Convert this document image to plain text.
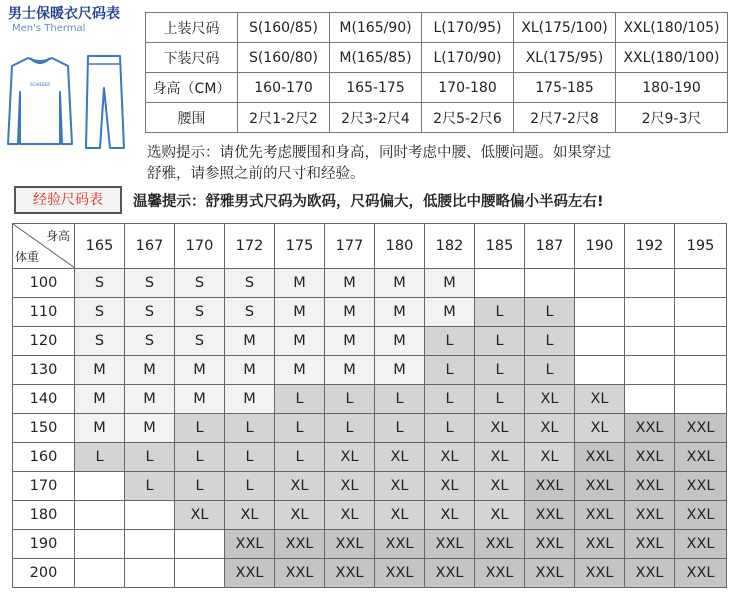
男士保暖衣尺码表
Men's Thermal
SCHIEBER
上装尺码	S(160/85)	M(165/90)	L(170/95)	XL(175/100)	XXL(180/105)
下装尺码	S(160/80)	M(165/85)	L(170/90)	XL(175/95)	XXL(180/100)
身高（CM）	160-170	165-175	170-180	175-185	180-190
腰围	2尺1-2尺2	2尺3-2尺4	2尺5-2尺6	2尺7-2尺8	2尺9-3尺
选购提示：请优先考虑腰围和身高，同时考虑中腰、低腰问题。如果穿过
舒雅，请参照之前的尺寸和经验。
经验尺码表	温馨提示：舒雅男式尺码为欧码，尺码偏大，低腰比中腰略偏小半码左右!
身高
体重	165	167	170	172	175	177	180	182	185	187	190	192	195
100	S	S	S	S	M	M	M	M					
110	S	S	S	S	M	M	M	M	L	L			
120	S	S	S	M	M	M	M	L	L	L			
130	M	M	M	M	M	M	M	L	L	L			
140	M	M	M	M	L	L	L	L	L	XL	XL		
150	M	M	L	L	L	L	L	L	XL	XL	XL	XXL	XXL
160	L	L	L	L	L	XL	XL	XL	XL	XL	XXL	XXL	XXL
170		L	L	L	XL	XL	XL	XL	XL	XXL	XXL	XXL	XXL
180			XL	XL	XL	XL	XL	XL	XL	XXL	XXL	XXL	XXL
190				XXL	XXL	XXL	XXL	XXL	XXL	XXL	XXL	XXL	XXL
200				XXL	XXL	XXL	XXL	XXL	XXL	XXL	XXL	XXL	XXL
